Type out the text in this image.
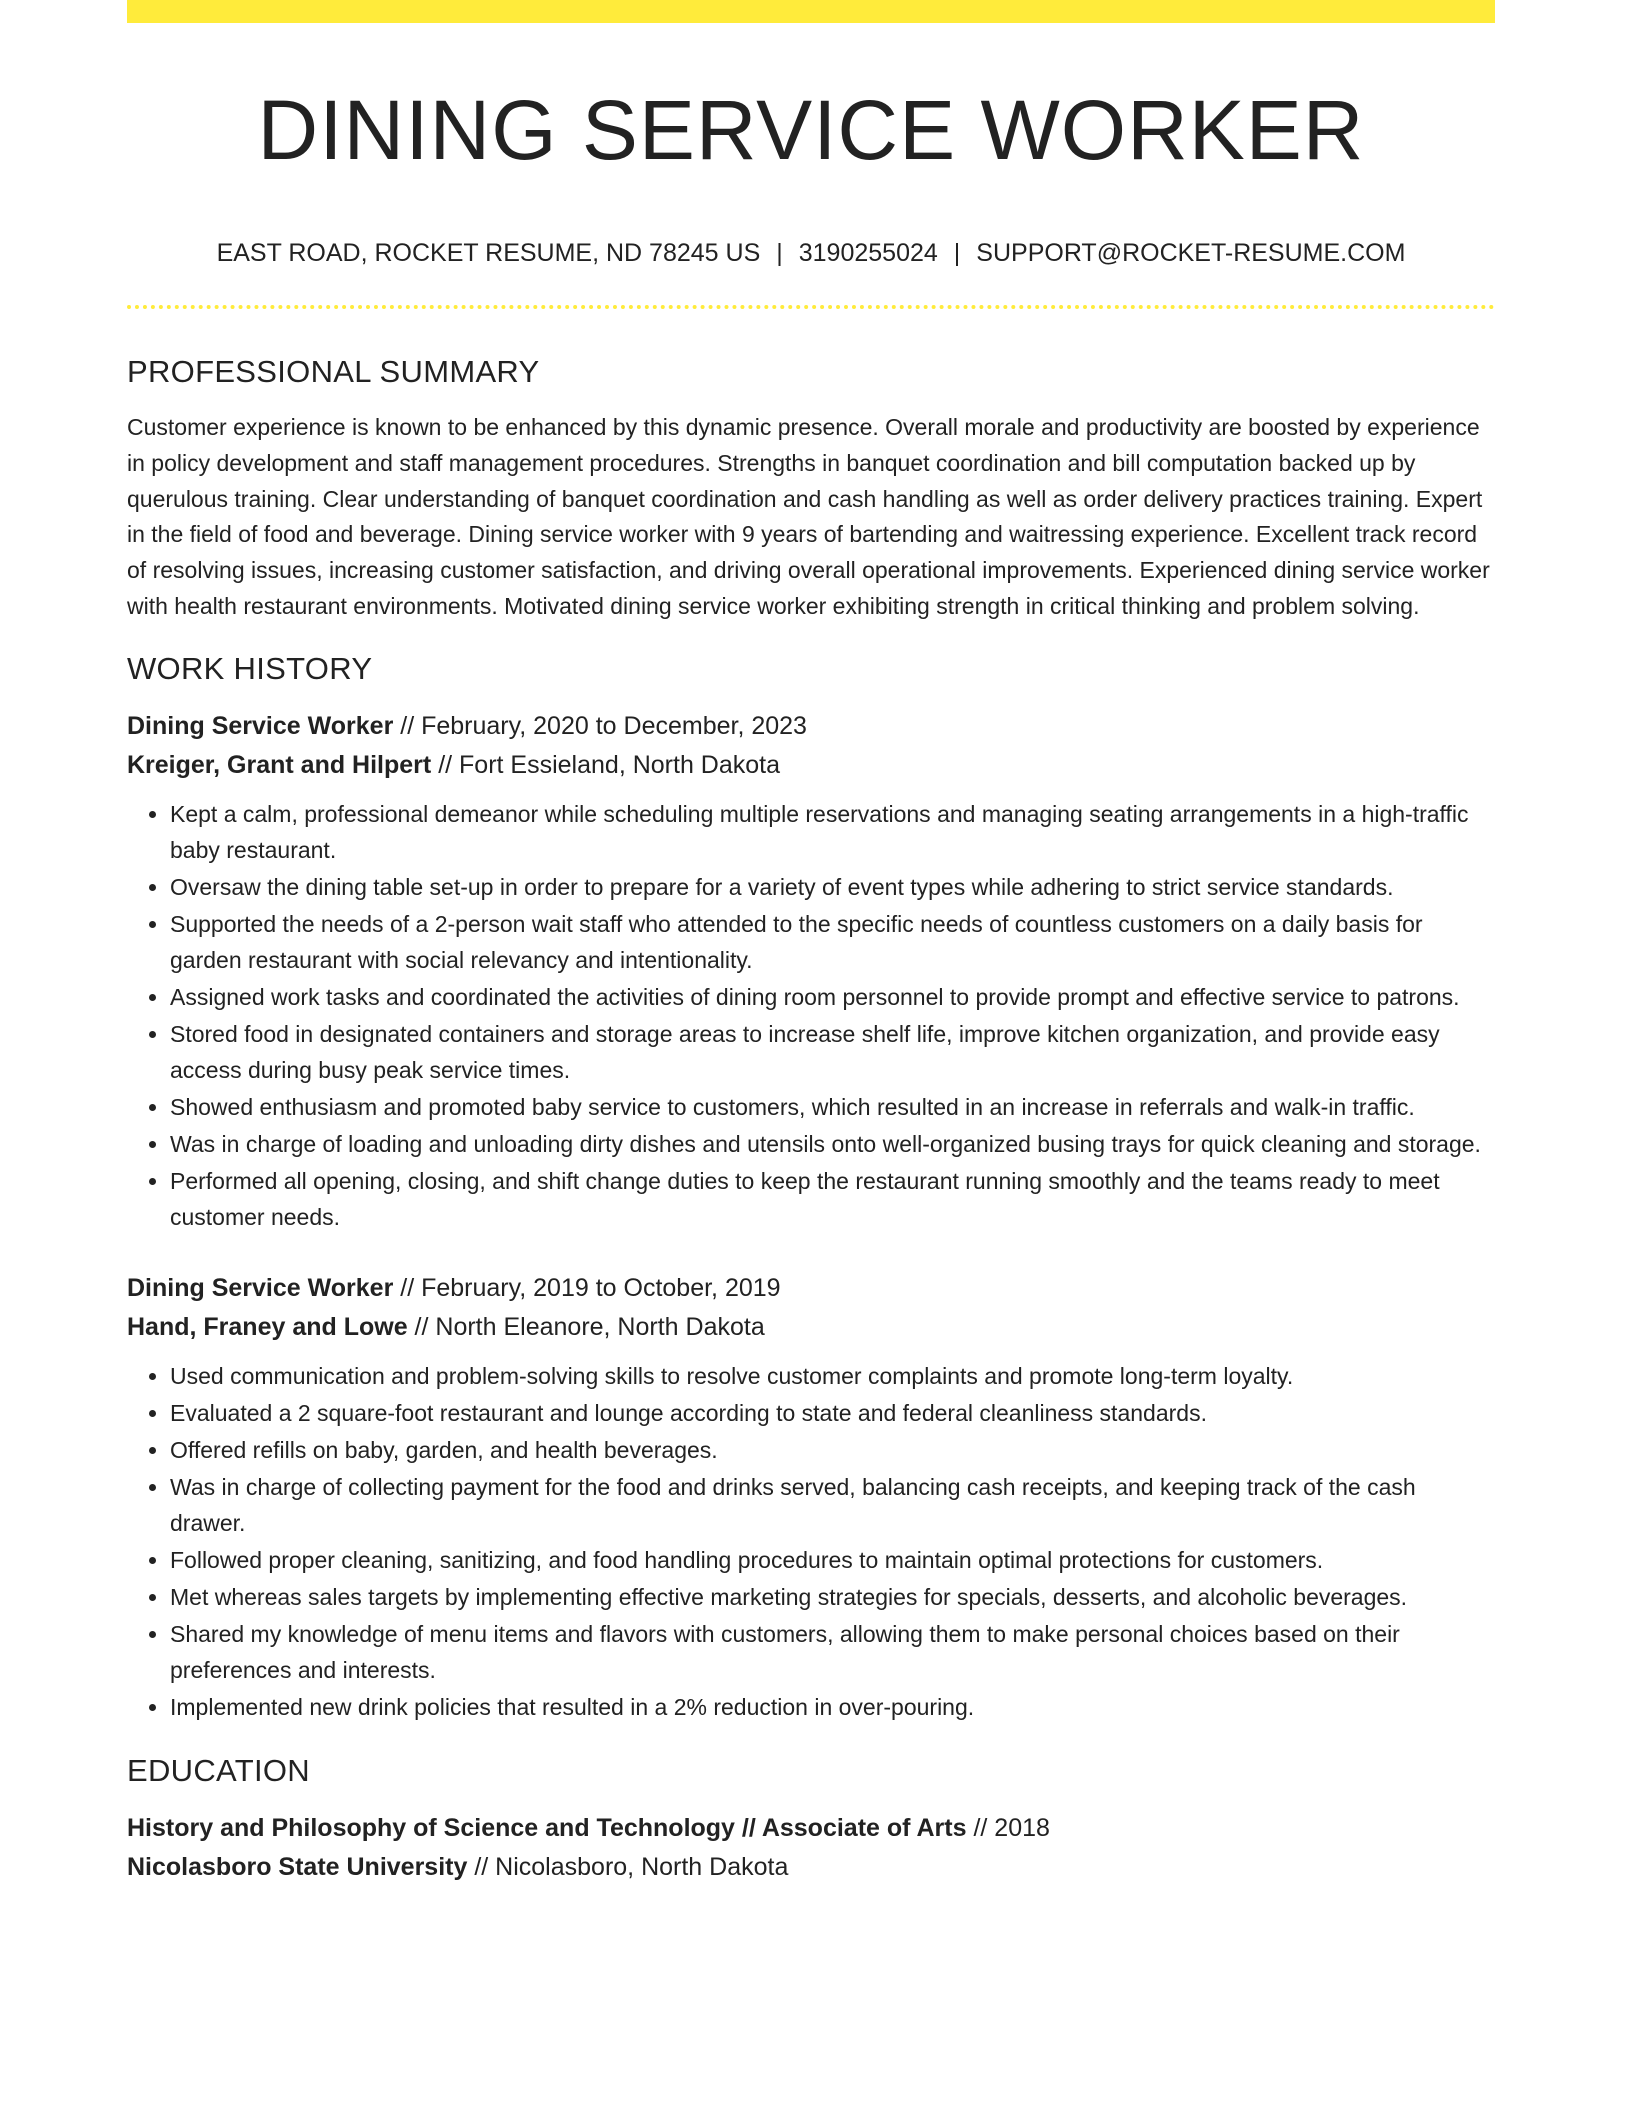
DINING SERVICE WORKER
EAST ROAD, ROCKET RESUME, ND 78245 US | 3190255024 | SUPPORT@ROCKET-RESUME.COM
PROFESSIONAL SUMMARY
Customer experience is known to be enhanced by this dynamic presence. Overall morale and productivity are boosted by experience in policy development and staff management procedures. Strengths in banquet coordination and bill computation backed up by querulous training. Clear understanding of banquet coordination and cash handling as well as order delivery practices training. Expert in the field of food and beverage. Dining service worker with 9 years of bartending and waitressing experience. Excellent track record of resolving issues, increasing customer satisfaction, and driving overall operational improvements. Experienced dining service worker with health restaurant environments. Motivated dining service worker exhibiting strength in critical thinking and problem solving.
WORK HISTORY
Dining Service Worker // February, 2020 to December, 2023
Kreiger, Grant and Hilpert // Fort Essieland, North Dakota
• Kept a calm, professional demeanor while scheduling multiple reservations and managing seating arrangements in a high-traffic baby restaurant.
• Oversaw the dining table set-up in order to prepare for a variety of event types while adhering to strict service standards.
• Supported the needs of a 2-person wait staff who attended to the specific needs of countless customers on a daily basis for garden restaurant with social relevancy and intentionality.
• Assigned work tasks and coordinated the activities of dining room personnel to provide prompt and effective service to patrons.
• Stored food in designated containers and storage areas to increase shelf life, improve kitchen organization, and provide easy access during busy peak service times.
• Showed enthusiasm and promoted baby service to customers, which resulted in an increase in referrals and walk-in traffic.
• Was in charge of loading and unloading dirty dishes and utensils onto well-organized busing trays for quick cleaning and storage.
• Performed all opening, closing, and shift change duties to keep the restaurant running smoothly and the teams ready to meet customer needs.
Dining Service Worker // February, 2019 to October, 2019
Hand, Franey and Lowe // North Eleanore, North Dakota
• Used communication and problem-solving skills to resolve customer complaints and promote long-term loyalty.
• Evaluated a 2 square-foot restaurant and lounge according to state and federal cleanliness standards.
• Offered refills on baby, garden, and health beverages.
• Was in charge of collecting payment for the food and drinks served, balancing cash receipts, and keeping track of the cash drawer.
• Followed proper cleaning, sanitizing, and food handling procedures to maintain optimal protections for customers.
• Met whereas sales targets by implementing effective marketing strategies for specials, desserts, and alcoholic beverages.
• Shared my knowledge of menu items and flavors with customers, allowing them to make personal choices based on their preferences and interests.
• Implemented new drink policies that resulted in a 2% reduction in over-pouring.
EDUCATION
History and Philosophy of Science and Technology // Associate of Arts // 2018
Nicolasboro State University // Nicolasboro, North Dakota
